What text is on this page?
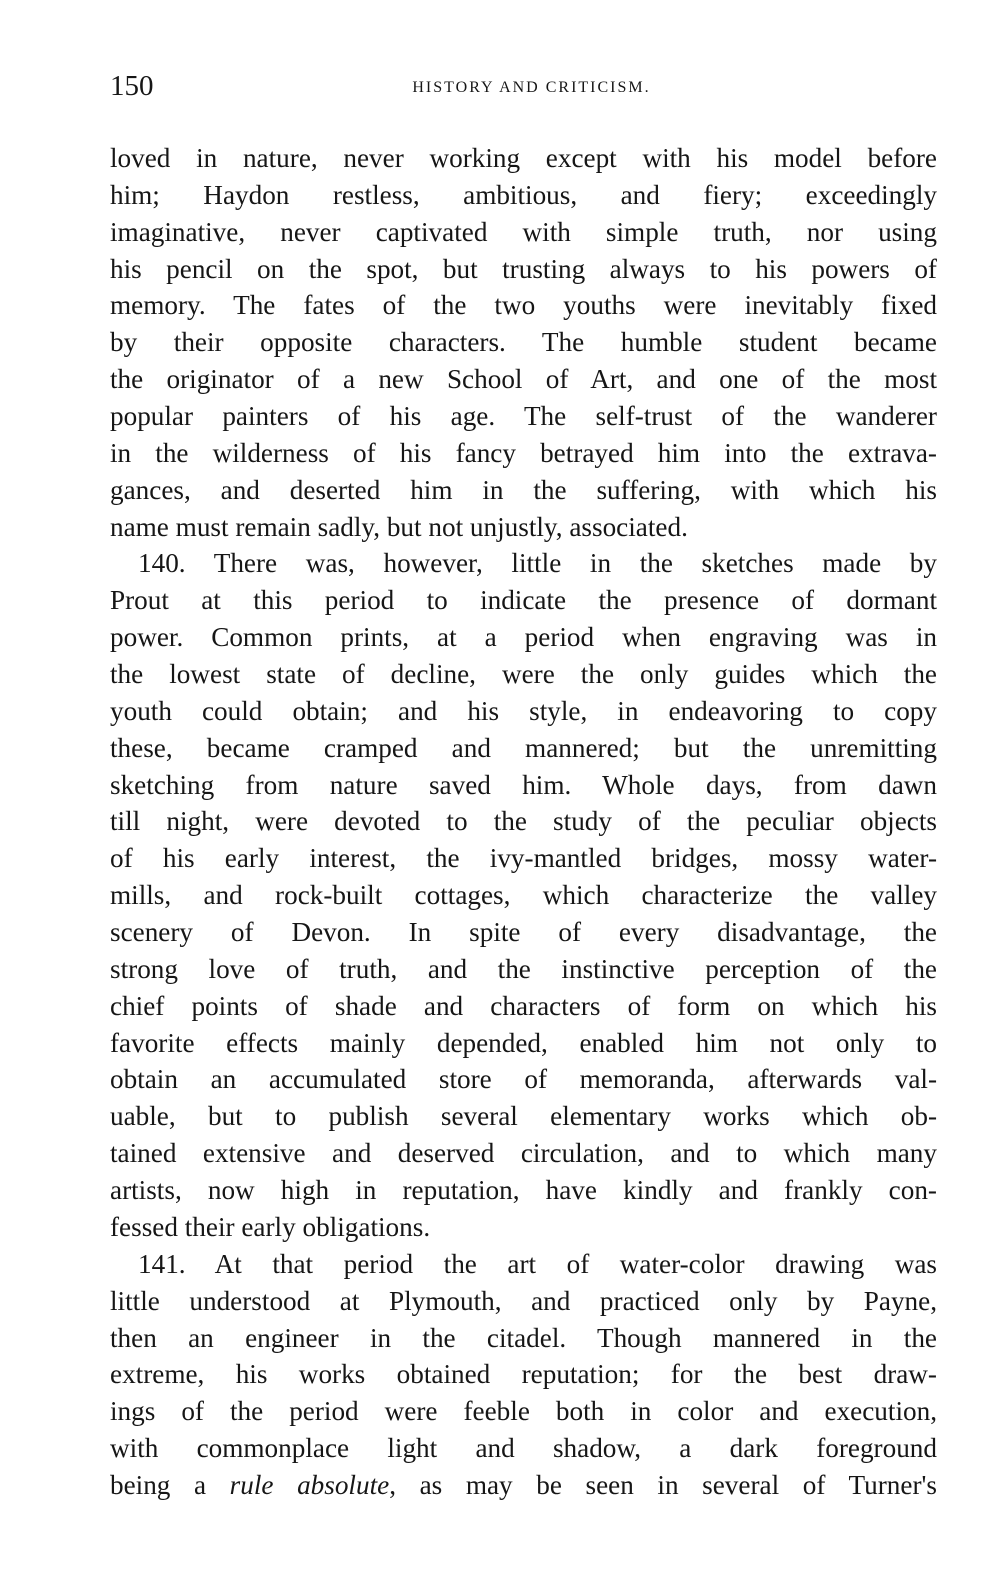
150	HISTORY AND CRITICISM.
loved in nature, never working except with his model before
him; Haydon restless, ambitious, and fiery; exceedingly
imaginative, never captivated with simple truth, nor using
his pencil on the spot, but trusting always to his powers of
memory. The fates of the two youths were inevitably fixed
by their opposite characters. The humble student became
the originator of a new School of Art, and one of the most
popular painters of his age. The self-trust of the wanderer
in the wilderness of his fancy betrayed him into the extrava-
gances, and deserted him in the suffering, with which his
name must remain sadly, but not unjustly, associated.
140. There was, however, little in the sketches made by
Prout at this period to indicate the presence of dormant
power. Common prints, at a period when engraving was in
the lowest state of decline, were the only guides which the
youth could obtain; and his style, in endeavoring to copy
these, became cramped and mannered; but the unremitting
sketching from nature saved him. Whole days, from dawn
till night, were devoted to the study of the peculiar objects
of his early interest, the ivy-mantled bridges, mossy water-
mills, and rock-built cottages, which characterize the valley
scenery of Devon. In spite of every disadvantage, the
strong love of truth, and the instinctive perception of the
chief points of shade and characters of form on which his
favorite effects mainly depended, enabled him not only to
obtain an accumulated store of memoranda, afterwards val-
uable, but to publish several elementary works which ob-
tained extensive and deserved circulation, and to which many
artists, now high in reputation, have kindly and frankly con-
fessed their early obligations.
141. At that period the art of water-color drawing was
little understood at Plymouth, and practiced only by Payne,
then an engineer in the citadel. Though mannered in the
extreme, his works obtained reputation; for the best draw-
ings of the period were feeble both in color and execution,
with commonplace light and shadow, a dark foreground
being a rule absolute, as may be seen in several of Turner's
